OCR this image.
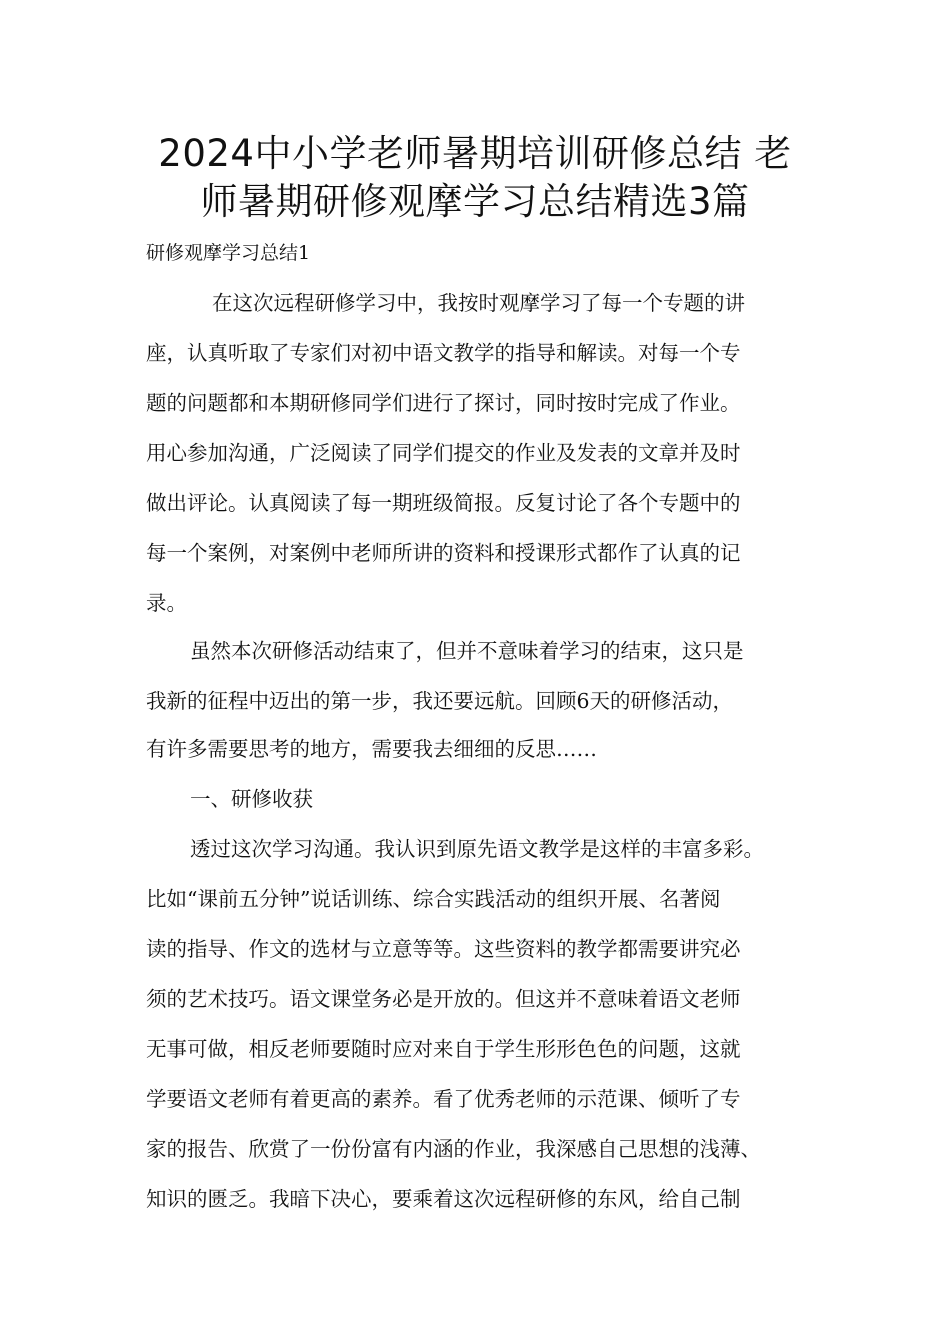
2024中小学老师暑期培训研修总结 老
师暑期研修观摩学习总结精选3篇

研修观摩学习总结1

在这次远程研修学习中，我按时观摩学习了每一个专题的讲

座，认真听取了专家们对初中语文教学的指导和解读。对每一个专

题的问题都和本期研修同学们进行了探讨，同时按时完成了作业。

用心参加沟通，广泛阅读了同学们提交的作业及发表的文章并及时

做出评论。认真阅读了每一期班级简报。反复讨论了各个专题中的

每一个案例，对案例中老师所讲的资料和授课形式都作了认真的记

录。

虽然本次研修活动结束了，但并不意味着学习的结束，这只是

我新的征程中迈出的第一步，我还要远航。回顾6天的研修活动，

有许多需要思考的地方，需要我去细细的反思……

一、研修收获

透过这次学习沟通。我认识到原先语文教学是这样的丰富多彩。

比如“课前五分钟”说话训练、综合实践活动的组织开展、名著阅

读的指导、作文的选材与立意等等。这些资料的教学都需要讲究必

须的艺术技巧。语文课堂务必是开放的。但这并不意味着语文老师

无事可做，相反老师要随时应对来自于学生形形色色的问题，这就

学要语文老师有着更高的素养。看了优秀老师的示范课、倾听了专

家的报告、欣赏了一份份富有内涵的作业，我深感自己思想的浅薄、

知识的匮乏。我暗下决心，要乘着这次远程研修的东风，给自己制
